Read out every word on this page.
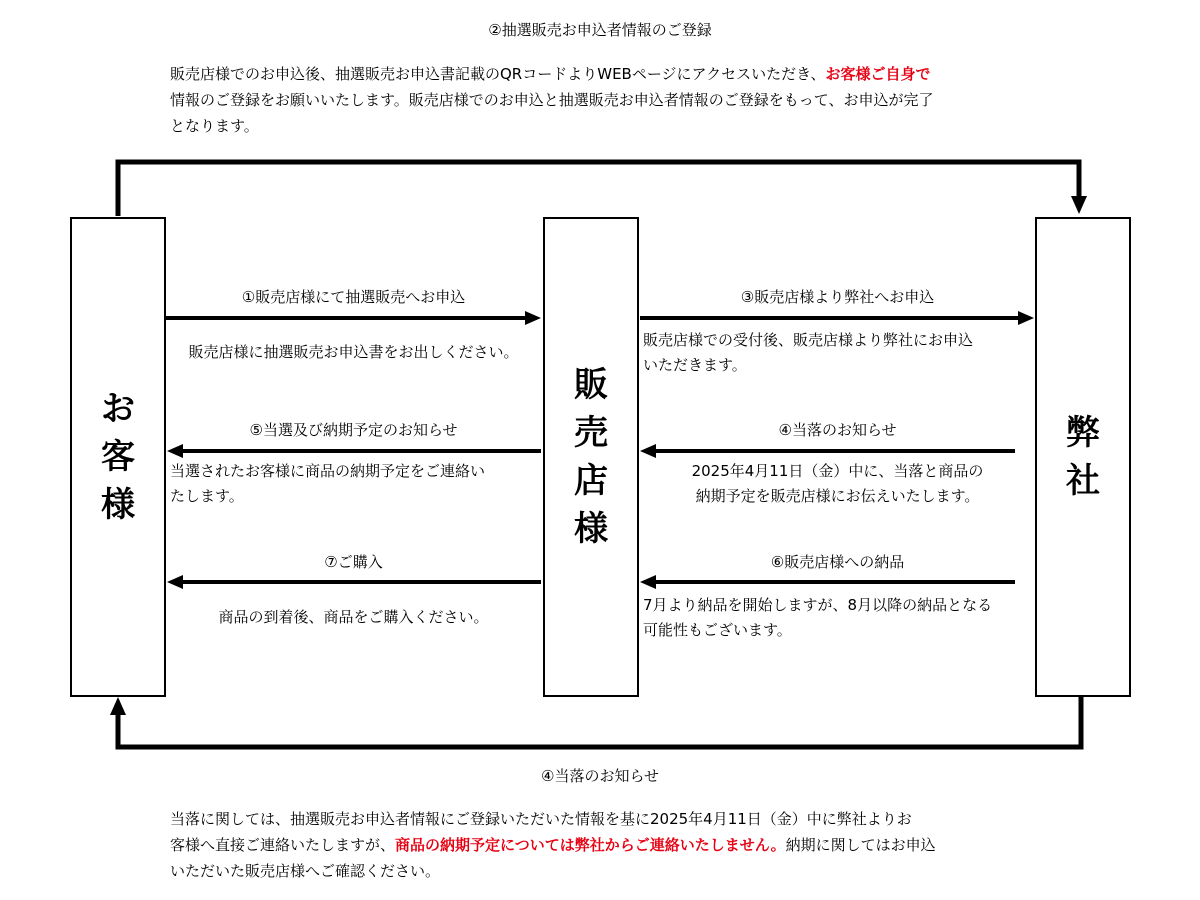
②抽選販売お申込者情報のご登録
販売店様でのお申込後、抽選販売お申込書記載のQRコードよりWEBページにアクセスいただき、お客様ご自身で
情報のご登録をお願いいたします。販売店様でのお申込と抽選販売お申込者情報のご登録をもって、お申込が完了
となります。
お
客
様
販
売
店
様
弊
社
①販売店様にて抽選販売へお申込
販売店様に抽選販売お申込書をお出しください。
③販売店様より弊社へお申込
販売店様での受付後、販売店様より弊社にお申込
いただきます。
⑤当選及び納期予定のお知らせ
当選されたお客様に商品の納期予定をご連絡い
たします。
④当落のお知らせ
2025年4月11日（金）中に、当落と商品の
納期予定を販売店様にお伝えいたします。
⑦ご購入
商品の到着後、商品をご購入ください。
⑥販売店様への納品
7月より納品を開始しますが、8月以降の納品となる
可能性もございます。
④当落のお知らせ
当落に関しては、抽選販売お申込者情報にご登録いただいた情報を基に2025年4月11日（金）中に弊社よりお
客様へ直接ご連絡いたしますが、商品の納期予定については弊社からご連絡いたしません。納期に関してはお申込
いただいた販売店様へご確認ください。
